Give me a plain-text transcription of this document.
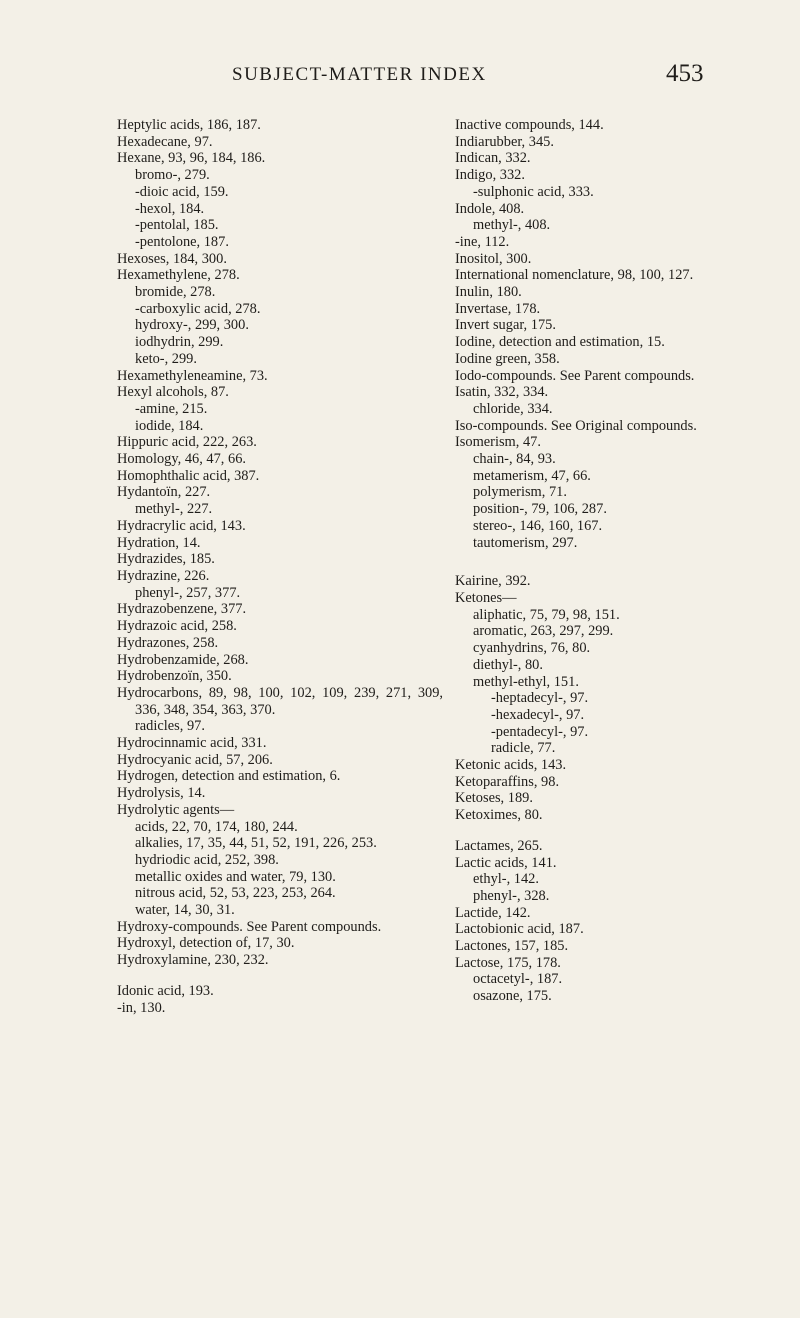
SUBJECT-MATTER INDEX	453
Heptylic acids, 186, 187.
Hexadecane, 97.
Hexane, 93, 96, 184, 186.
bromo-, 279.
-dioic acid, 159.
-hexol, 184.
-pentolal, 185.
-pentolone, 187.
Hexoses, 184, 300.
Hexamethylene, 278.
bromide, 278.
-carboxylic acid, 278.
hydroxy-, 299, 300.
iodhydrin, 299.
keto-, 299.
Hexamethyleneamine, 73.
Hexyl alcohols, 87.
-amine, 215.
iodide, 184.
Hippuric acid, 222, 263.
Homology, 46, 47, 66.
Homophthalic acid, 387.
Hydantoïn, 227.
methyl-, 227.
Hydracrylic acid, 143.
Hydration, 14.
Hydrazides, 185.
Hydrazine, 226.
phenyl-, 257, 377.
Hydrazobenzene, 377.
Hydrazoic acid, 258.
Hydrazones, 258.
Hydrobenzamide, 268.
Hydrobenzoïn, 350.
Hydrocarbons, 89, 98, 100, 102, 109, 239, 271, 309, 336, 348, 354, 363, 370.
radicles, 97.
Hydrocinnamic acid, 331.
Hydrocyanic acid, 57, 206.
Hydrogen, detection and estimation, 6.
Hydrolysis, 14.
Hydrolytic agents—
acids, 22, 70, 174, 180, 244.
alkalies, 17, 35, 44, 51, 52, 191, 226, 253.
hydriodic acid, 252, 398.
metallic oxides and water, 79, 130.
nitrous acid, 52, 53, 223, 253, 264.
water, 14, 30, 31.
Hydroxy-compounds. See Parent compounds.
Hydroxyl, detection of, 17, 30.
Hydroxylamine, 230, 232.
Idonic acid, 193.
-in, 130.
Inactive compounds, 144.
Indiarubber, 345.
Indican, 332.
Indigo, 332.
-sulphonic acid, 333.
Indole, 408.
methyl-, 408.
-ine, 112.
Inositol, 300.
International nomenclature, 98, 100, 127.
Inulin, 180.
Invertase, 178.
Invert sugar, 175.
Iodine, detection and estimation, 15.
Iodine green, 358.
Iodo-compounds. See Parent compounds.
Isatin, 332, 334.
chloride, 334.
Iso-compounds. See Original compounds.
Isomerism, 47.
chain-, 84, 93.
metamerism, 47, 66.
polymerism, 71.
position-, 79, 106, 287.
stereo-, 146, 160, 167.
tautomerism, 297.
Kairine, 392.
Ketones—
aliphatic, 75, 79, 98, 151.
aromatic, 263, 297, 299.
cyanhydrins, 76, 80.
diethyl-, 80.
methyl-ethyl, 151.
-heptadecyl-, 97.
-hexadecyl-, 97.
-pentadecyl-, 97.
radicle, 77.
Ketonic acids, 143.
Ketoparaffins, 98.
Ketoses, 189.
Ketoximes, 80.
Lactames, 265.
Lactic acids, 141.
ethyl-, 142.
phenyl-, 328.
Lactide, 142.
Lactobionic acid, 187.
Lactones, 157, 185.
Lactose, 175, 178.
octacetyl-, 187.
osazone, 175.
